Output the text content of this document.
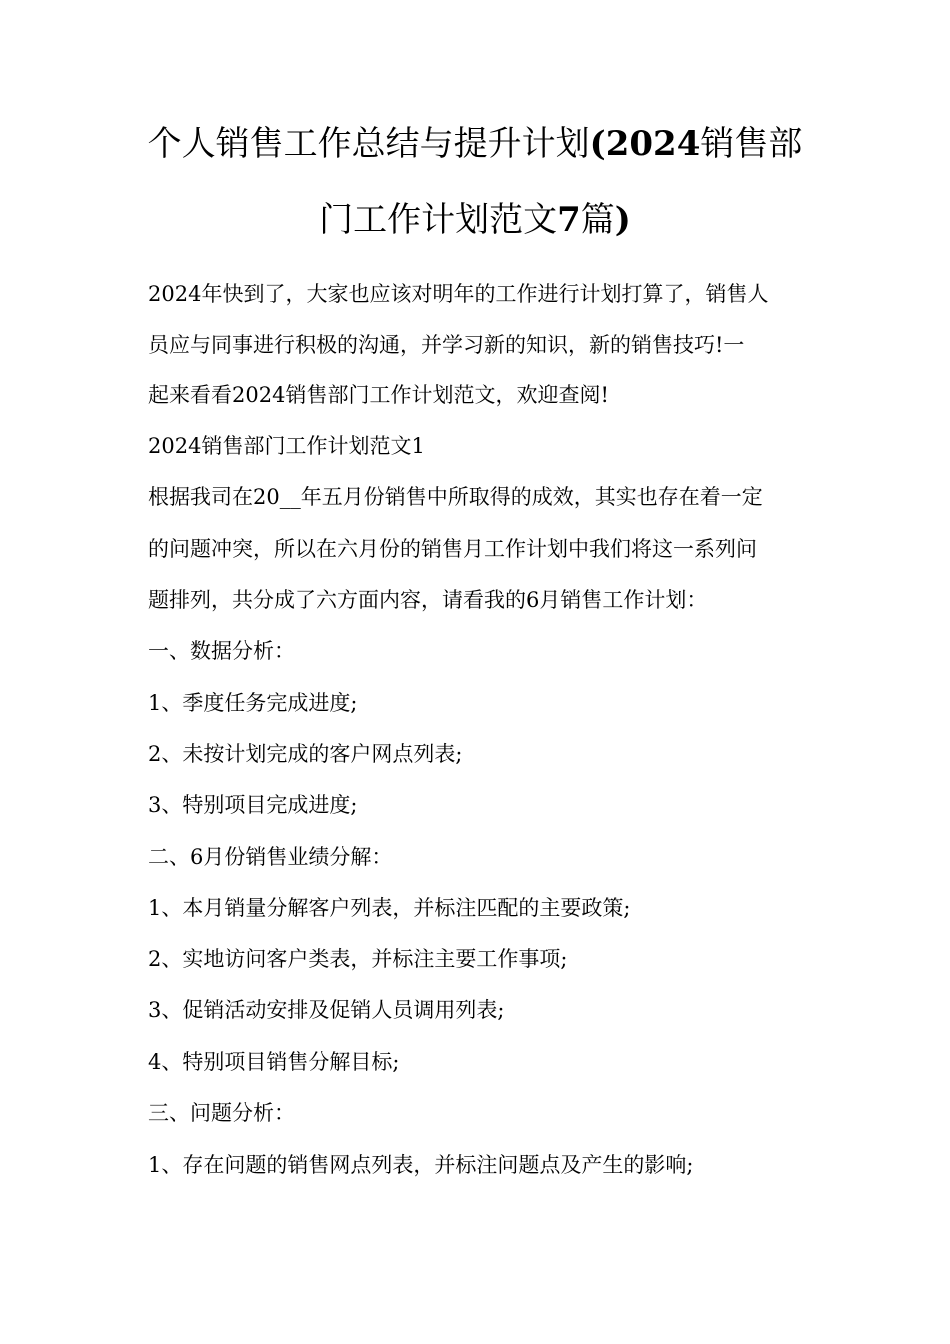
个人销售工作总结与提升计划(2024销售部
门工作计划范文7篇)
2024年快到了，大家也应该对明年的工作进行计划打算了，销售人
员应与同事进行积极的沟通，并学习新的知识，新的销售技巧!一
起来看看2024销售部门工作计划范文，欢迎查阅!
2024销售部门工作计划范文1
根据我司在20__年五月份销售中所取得的成效，其实也存在着一定
的问题冲突，所以在六月份的销售月工作计划中我们将这一系列问
题排列，共分成了六方面内容，请看我的6月销售工作计划：
一、数据分析：
1、季度任务完成进度;
2、未按计划完成的客户网点列表;
3、特别项目完成进度;
二、6月份销售业绩分解：
1、本月销量分解客户列表，并标注匹配的主要政策;
2、实地访问客户类表，并标注主要工作事项;
3、促销活动安排及促销人员调用列表;
4、特别项目销售分解目标;
三、问题分析：
1、存在问题的销售网点列表，并标注问题点及产生的影响;
